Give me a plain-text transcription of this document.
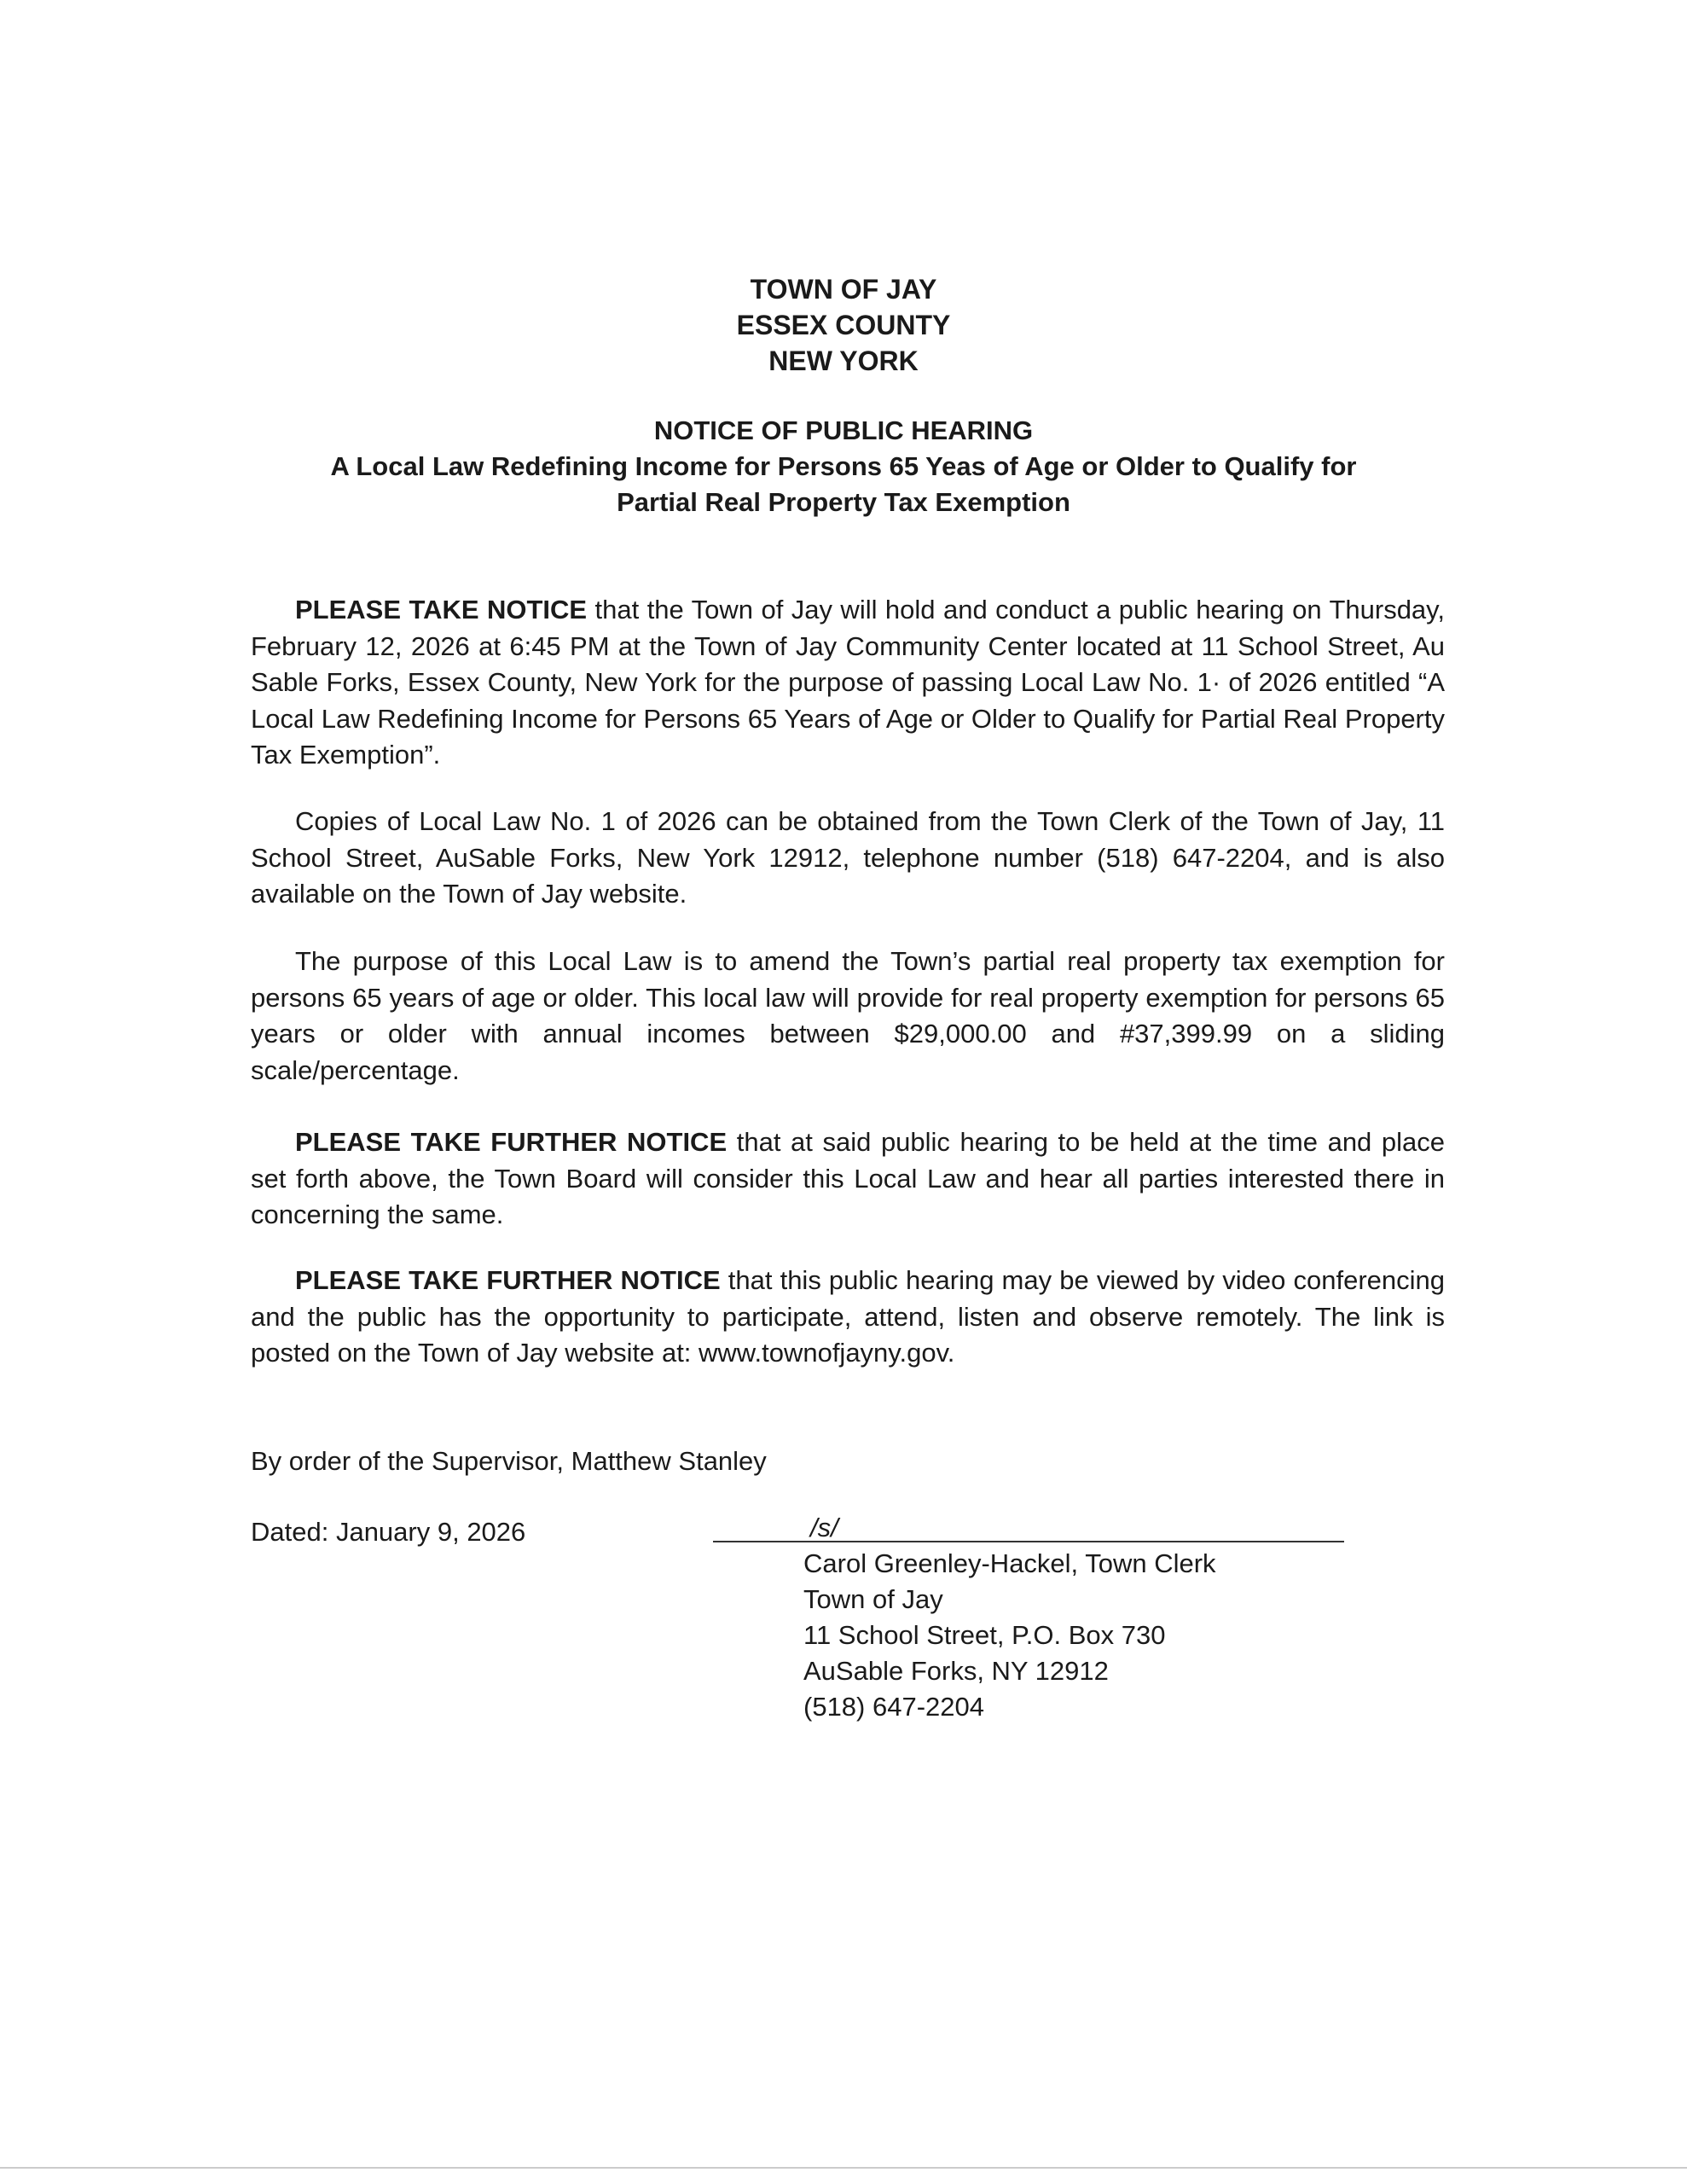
TOWN OF JAY
ESSEX COUNTY
NEW YORK
NOTICE OF PUBLIC HEARING
A Local Law Redefining Income for Persons 65 Yeas of Age or Older to Qualify for
Partial Real Property Tax Exemption
PLEASE TAKE NOTICE that the Town of Jay will hold and conduct a public hearing on Thursday, February 12, 2026 at 6:45 PM at the Town of Jay Community Center located at 11 School Street, Au Sable Forks, Essex County, New York for the purpose of passing Local Law No. 1· of 2026 entitled “A Local Law Redefining Income for Persons 65 Years of Age or Older to Qualify for Partial Real Property Tax Exemption”.
Copies of Local Law No. 1 of 2026 can be obtained from the Town Clerk of the Town of Jay, 11 School Street, AuSable Forks, New York 12912, telephone number (518) 647-2204, and is also available on the Town of Jay website.
The purpose of this Local Law is to amend the Town’s partial real property tax exemption for persons 65 years of age or older. This local law will provide for real property exemption for persons 65 years or older with annual incomes between $29,000.00 and #37,399.99 on a sliding scale/percentage.
PLEASE TAKE FURTHER NOTICE that at said public hearing to be held at the time and place set forth above, the Town Board will consider this Local Law and hear all parties interested there in concerning the same.
PLEASE TAKE FURTHER NOTICE that this public hearing may be viewed by video conferencing and the public has the opportunity to participate, attend, listen and observe remotely. The link is posted on the Town of Jay website at: www.townofjayny.gov.
By order of the Supervisor, Matthew Stanley
Dated: January 9, 2026	/s/
Carol Greenley-Hackel, Town Clerk
Town of Jay
11 School Street, P.O. Box 730
AuSable Forks, NY 12912
(518) 647-2204
